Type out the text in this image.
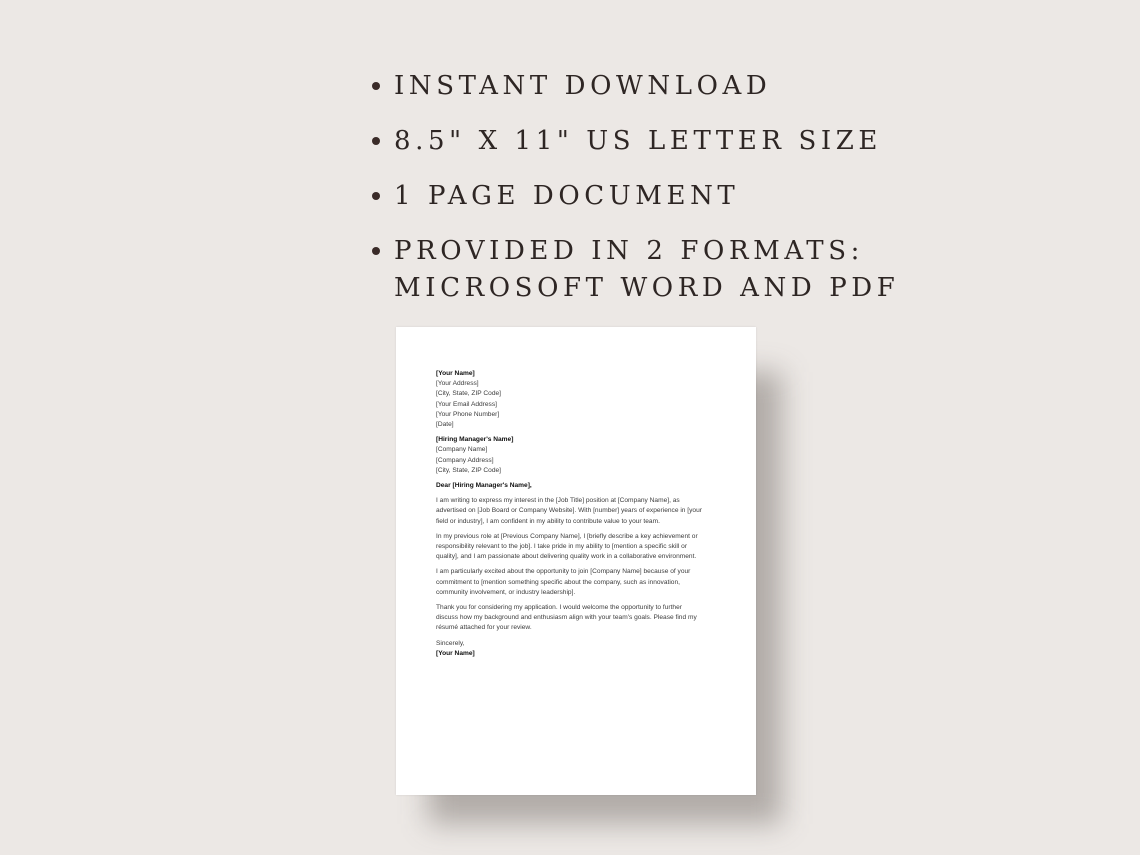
INSTANT DOWNLOAD
8.5" X 11" US LETTER SIZE
1 PAGE DOCUMENT
PROVIDED IN 2 FORMATS:
MICROSOFT WORD AND PDF
[Your Name]
[Your Address]
[City, State, ZIP Code]
[Your Email Address]
[Your Phone Number]
[Date]
[Hiring Manager's Name]
[Company Name]
[Company Address]
[City, State, ZIP Code]
Dear [Hiring Manager's Name],
I am writing to express my interest in the [Job Title] position at [Company Name], as
advertised on [Job Board or Company Website]. With [number] years of experience in [your
field or industry], I am confident in my ability to contribute value to your team.
In my previous role at [Previous Company Name], I [briefly describe a key achievement or
responsibility relevant to the job]. I take pride in my ability to [mention a specific skill or
quality], and I am passionate about delivering quality work in a collaborative environment.
I am particularly excited about the opportunity to join [Company Name] because of your
commitment to [mention something specific about the company, such as innovation,
community involvement, or industry leadership].
Thank you for considering my application. I would welcome the opportunity to further
discuss how my background and enthusiasm align with your team's goals. Please find my
résumé attached for your review.
Sincerely,
[Your Name]
